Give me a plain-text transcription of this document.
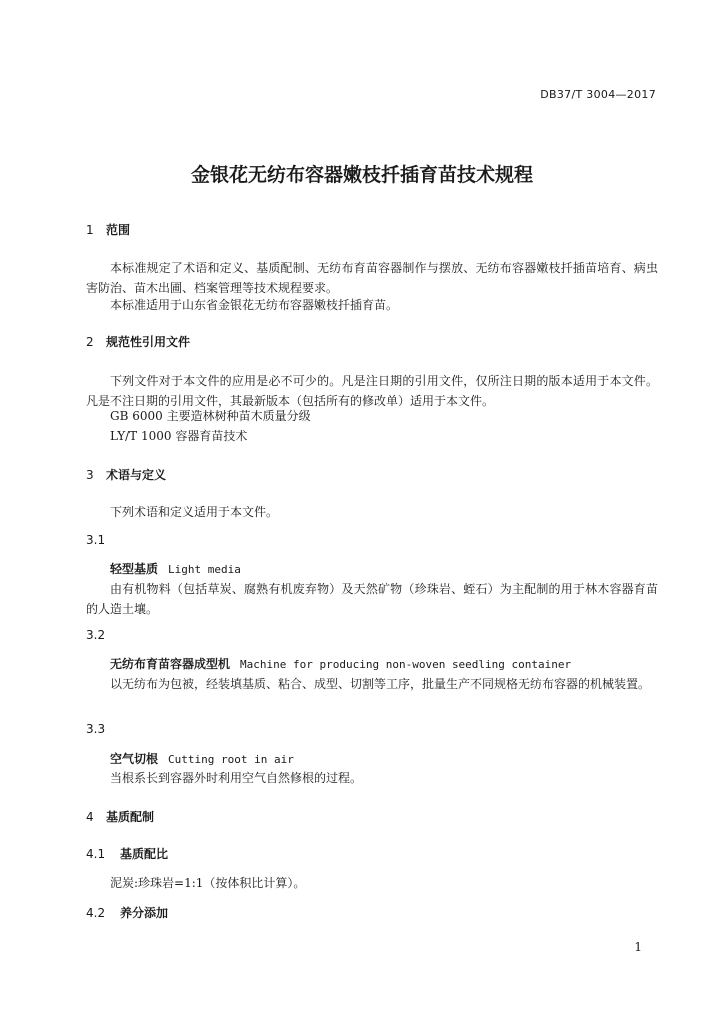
DB37/T 3004—2017
金银花无纺布容器嫩枝扦插育苗技术规程
1 范围
本标准规定了术语和定义、基质配制、无纺布育苗容器制作与摆放、无纺布容器嫩枝扦插苗培育、病虫害防治、苗木出圃、档案管理等技术规程要求。
本标准适用于山东省金银花无纺布容器嫩枝扦插育苗。
2 规范性引用文件
下列文件对于本文件的应用是必不可少的。凡是注日期的引用文件，仅所注日期的版本适用于本文件。凡是不注日期的引用文件，其最新版本（包括所有的修改单）适用于本文件。
GB 6000 主要造林树种苗木质量分级
LY/T 1000 容器育苗技术
3 术语与定义
下列术语和定义适用于本文件。
3.1
轻型基质 Light media
由有机物料（包括草炭、腐熟有机废弃物）及天然矿物（珍珠岩、蛭石）为主配制的用于林木容器育苗的人造土壤。
3.2
无纺布育苗容器成型机 Machine for producing non-woven seedling container
以无纺布为包被，经装填基质、粘合、成型、切割等工序，批量生产不同规格无纺布容器的机械装置。
3.3
空气切根 Cutting root in air
当根系长到容器外时利用空气自然修根的过程。
4 基质配制
4.1 基质配比
泥炭:珍珠岩=1:1（按体积比计算）。
4.2 养分添加
1
